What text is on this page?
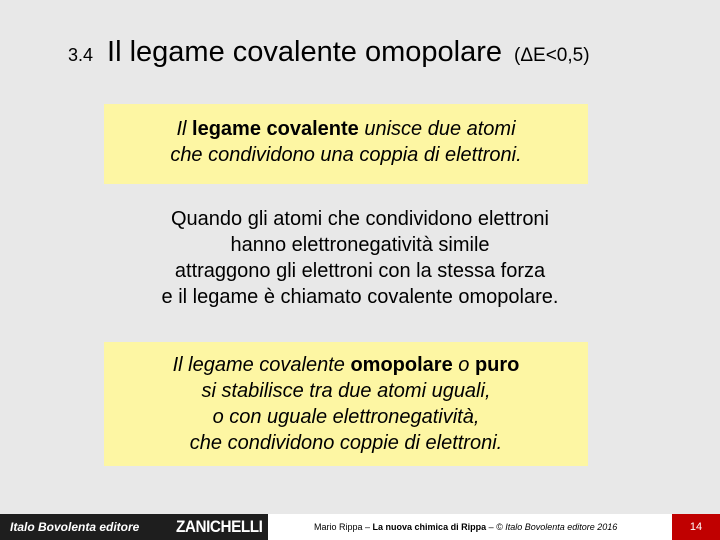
3.4 Il legame covalente omopolare (ΔE<0,5)
Il legame covalente unisce due atomi
che condividono una coppia di elettroni.
Quando gli atomi che condividono elettroni
hanno elettronegatività simile
attraggono gli elettroni con la stessa forza
e il legame è chiamato covalente omopolare.
Il legame covalente omopolare o puro
si stabilisce tra due atomi uguali,
o con uguale elettronegatività,
che condividono coppie di elettroni.
Italo Bovolenta editore ZANICHELLI	Mario Rippa – La nuova chimica di Rippa – © Italo Bovolenta editore 2016	14
